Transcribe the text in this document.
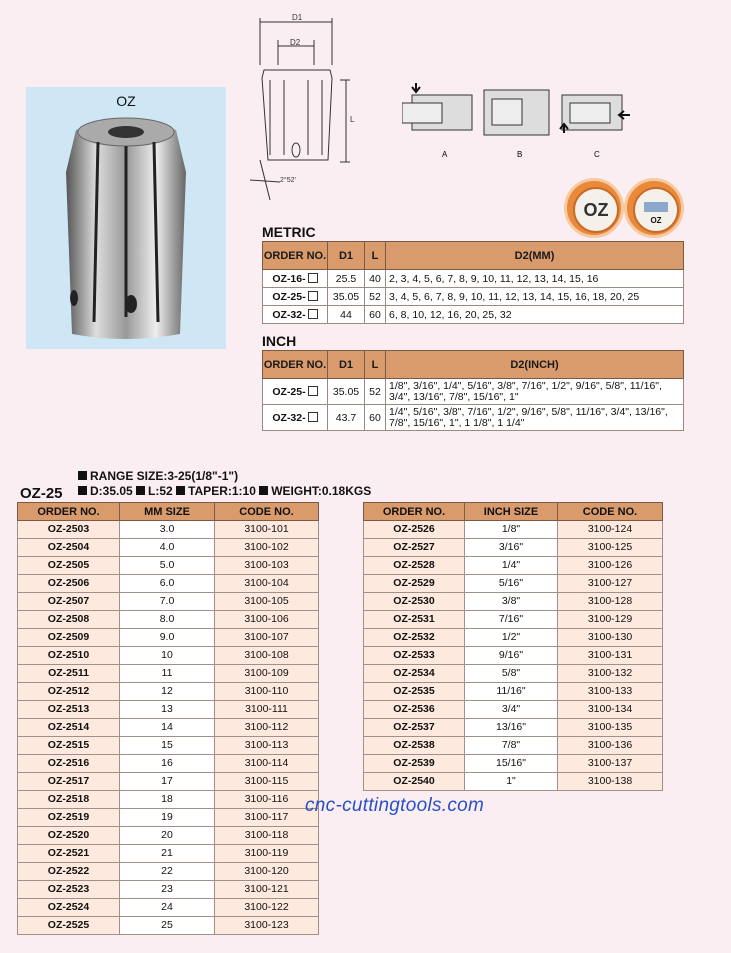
OZ
D1
D2
L
2°52'
A	B	C
OZ
OZ
METRIC
ORDER NO.	D1	L	D2(MM)
OZ-16-	25.5	40	2, 3, 4, 5, 6, 7, 8, 9, 10, 11, 12, 13, 14, 15, 16
OZ-25-	35.05	52	3, 4, 5, 6, 7, 8, 9, 10, 11, 12, 13, 14, 15, 16, 18, 20, 25
OZ-32-	44	60	6, 8, 10, 12, 16, 20, 25, 32
INCH
ORDER NO.	D1	L	D2(INCH)
OZ-25-	35.05	52	1/8", 3/16", 1/4", 5/16", 3/8", 7/16", 1/2", 9/16", 5/8", 11/16", 3/4", 13/16", 7/8", 15/16", 1"
OZ-32-	43.7	60	1/4", 5/16", 3/8", 7/16", 1/2", 9/16", 5/8", 11/16", 3/4", 13/16", 7/8", 15/16", 1", 1 1/8", 1 1/4"
RANGE SIZE:3-25(1/8"-1")
D:35.05 L:52 TAPER:1:10 WEIGHT:0.18KGS
OZ-25
ORDER NO.	MM SIZE	CODE NO.
OZ-2503	3.0	3100-101
OZ-2504	4.0	3100-102
OZ-2505	5.0	3100-103
OZ-2506	6.0	3100-104
OZ-2507	7.0	3100-105
OZ-2508	8.0	3100-106
OZ-2509	9.0	3100-107
OZ-2510	10	3100-108
OZ-2511	11	3100-109
OZ-2512	12	3100-110
OZ-2513	13	3100-111
OZ-2514	14	3100-112
OZ-2515	15	3100-113
OZ-2516	16	3100-114
OZ-2517	17	3100-115
OZ-2518	18	3100-116
OZ-2519	19	3100-117
OZ-2520	20	3100-118
OZ-2521	21	3100-119
OZ-2522	22	3100-120
OZ-2523	23	3100-121
OZ-2524	24	3100-122
OZ-2525	25	3100-123
ORDER NO.	INCH SIZE	CODE NO.
OZ-2526	1/8"	3100-124
OZ-2527	3/16"	3100-125
OZ-2528	1/4"	3100-126
OZ-2529	5/16"	3100-127
OZ-2530	3/8"	3100-128
OZ-2531	7/16"	3100-129
OZ-2532	1/2"	3100-130
OZ-2533	9/16"	3100-131
OZ-2534	5/8"	3100-132
OZ-2535	11/16"	3100-133
OZ-2536	3/4"	3100-134
OZ-2537	13/16"	3100-135
OZ-2538	7/8"	3100-136
OZ-2539	15/16"	3100-137
OZ-2540	1"	3100-138
cnc-cuttingtools.com
